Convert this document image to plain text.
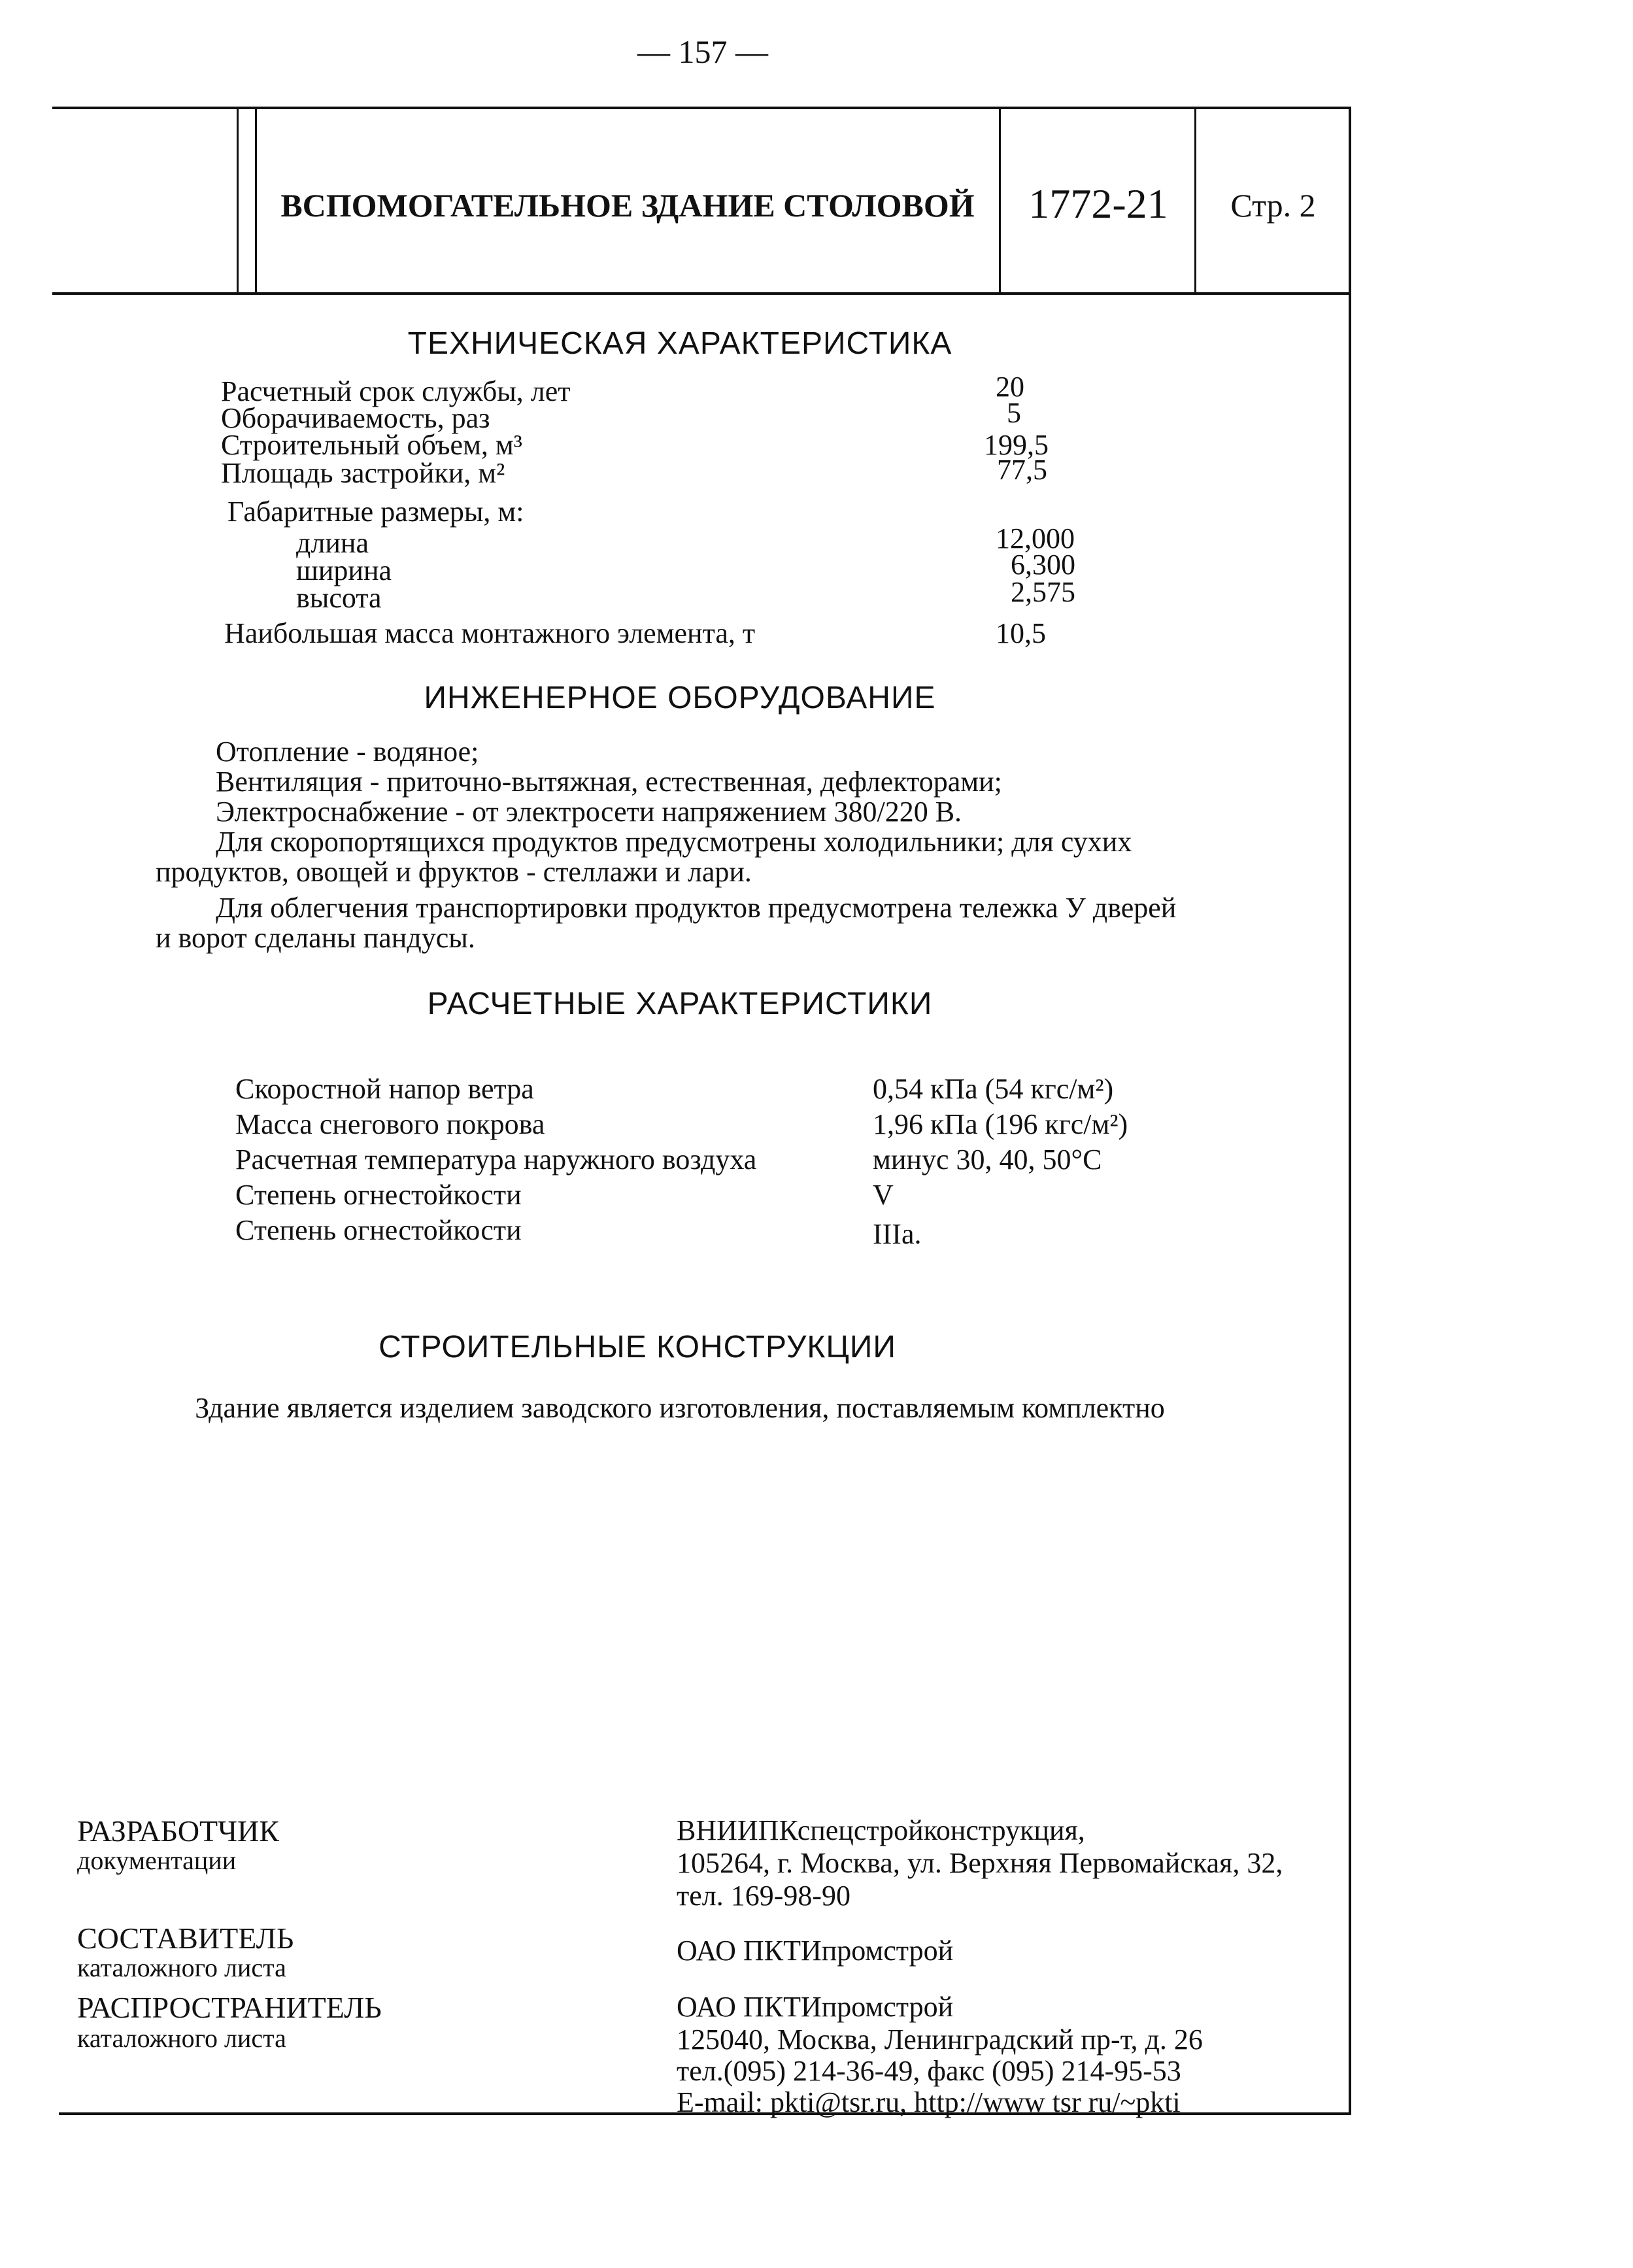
— 157 —
ВСПОМОГАТЕЛЬНОЕ ЗДАНИЕ СТОЛОВОЙ	1772-21	Стр. 2
ТЕХНИЧЕСКАЯ ХАРАКТЕРИСТИКА
Расчетный срок службы, лет	20
Оборачиваемость, раз	5
Строительный объем, м³	199,5
Площадь застройки, м²	77,5
Габаритные размеры, м:
длина	12,000
ширина	6,300
высота	2,575
Наибольшая масса монтажного элемента, т	10,5
ИНЖЕНЕРНОЕ ОБОРУДОВАНИЕ
Отопление - водяное;
Вентиляция - приточно-вытяжная, естественная, дефлекторами;
Электроснабжение - от электросети напряжением 380/220 В.
Для скоропортящихся продуктов предусмотрены холодильники; для сухих
продуктов, овощей и фруктов - стеллажи и лари.
Для облегчения транспортировки продуктов предусмотрена тележка У дверей
и ворот сделаны пандусы.
РАСЧЕТНЫЕ ХАРАКТЕРИСТИКИ
Скоростной напор ветра	0,54 кПа (54 кгс/м²)
Масса снегового покрова	1,96 кПа (196 кгс/м²)
Расчетная температура наружного воздуха	минус 30, 40, 50°С
Степень огнестойкости	V
Степень огнестойкости	IIIa.
СТРОИТЕЛЬНЫЕ КОНСТРУКЦИИ
Здание является изделием заводского изготовления, поставляемым комплектно
РАЗРАБОТЧИК
документации
ВНИИПКспецстройконструкция,
105264, г. Москва, ул. Верхняя Первомайская, 32,
тел. 169-98-90
СОСТАВИТЕЛЬ
каталожного листа
ОАО ПКТИпромстрой
РАСПРОСТРАНИТЕЛЬ
каталожного листа
ОАО ПКТИпромстрой
125040, Москва, Ленинградский пр-т, д. 26
тел.(095) 214-36-49, факс (095) 214-95-53
E-mail: pkti@tsr.ru, http://www tsr ru/~pkti
